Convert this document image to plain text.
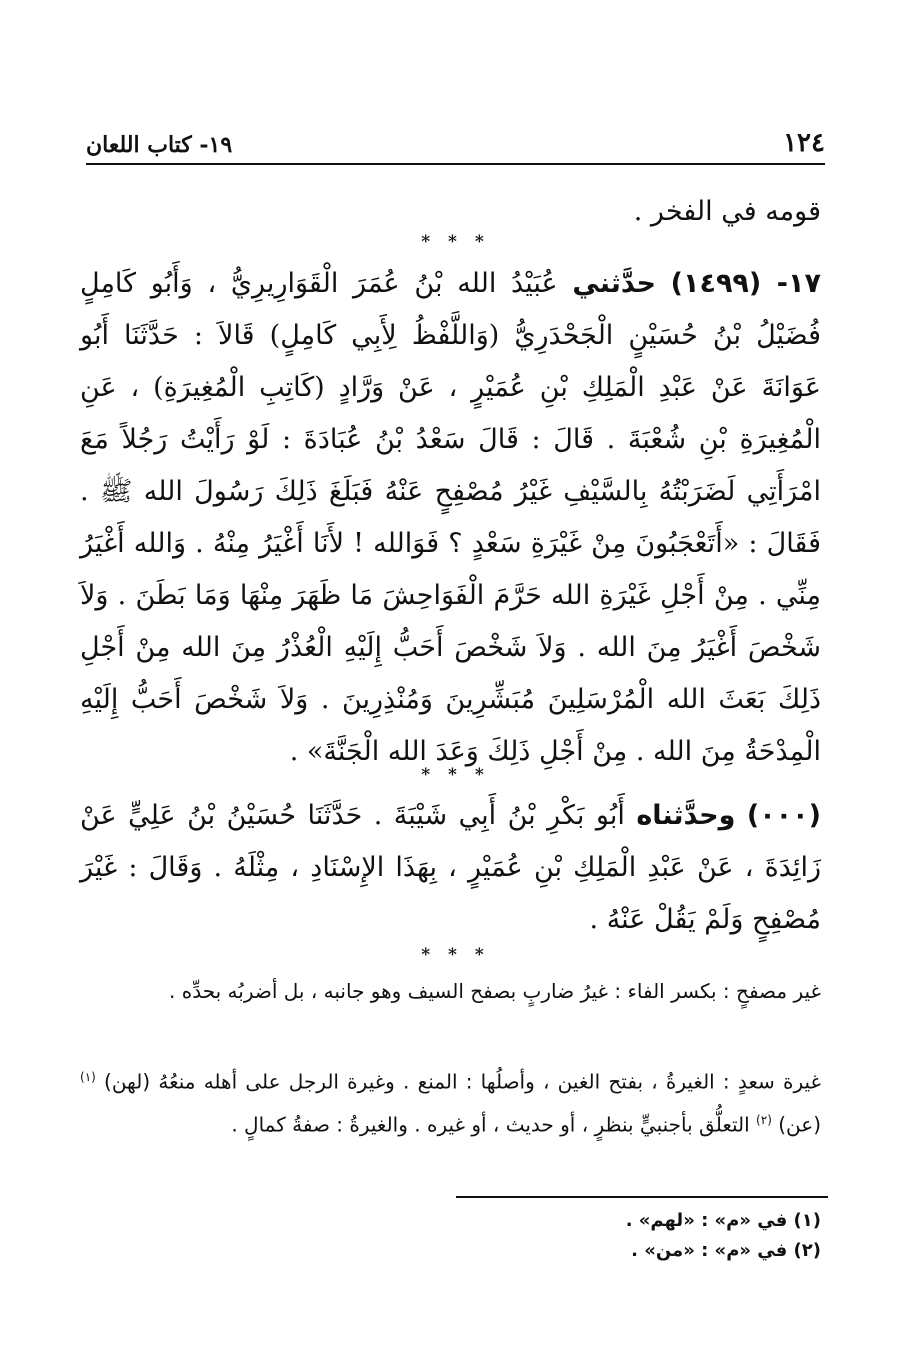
١٢٤
١٩- كتاب اللعان

قومه في الفخر .

* * *

١٧- (١٤٩٩) حدَّثني عُبَيْدُ الله بْنُ عُمَرَ الْقَوَارِيرِيُّ ، وَأَبُو كَامِلٍ فُضَيْلُ بْنُ حُسَيْنٍ الْجَحْدَرِيُّ (وَاللَّفْظُ لِأَبِي كَامِلٍ) قَالاَ : حَدَّثَنَا أَبُو عَوَانَةَ عَنْ عَبْدِ الْمَلِكِ بْنِ عُمَيْرٍ ، عَنْ وَرَّادٍ (كَاتِبِ الْمُغِيرَةِ) ، عَنِ الْمُغِيرَةِ بْنِ شُعْبَةَ . قَالَ : قَالَ سَعْدُ بْنُ عُبَادَةَ : لَوْ رَأَيْتُ رَجُلاً مَعَ امْرَأَتِي لَضَرَبْتُهُ بِالسَّيْفِ غَيْرُ مُصْفِحٍ عَنْهُ فَبَلَغَ ذَلِكَ رَسُولَ الله ﷺ . فَقَالَ : «أَتَعْجَبُونَ مِنْ غَيْرَةِ سَعْدٍ ؟ فَوَالله ! لأَنَا أَغْيَرُ مِنْهُ . وَالله أَغْيَرُ مِنِّي . مِنْ أَجْلِ غَيْرَةِ الله حَرَّمَ الْفَوَاحِشَ مَا ظَهَرَ مِنْهَا وَمَا بَطَنَ . وَلاَ شَخْصَ أَغْيَرُ مِنَ الله . وَلاَ شَخْصَ أَحَبُّ إِلَيْهِ الْعُذْرُ مِنَ الله مِنْ أَجْلِ ذَلِكَ بَعَثَ الله الْمُرْسَلِينَ مُبَشِّرِينَ وَمُنْذِرِينَ . وَلاَ شَخْصَ أَحَبُّ إِلَيْهِ الْمِدْحَةُ مِنَ الله . مِنْ أَجْلِ ذَلِكَ وَعَدَ الله الْجَنَّةَ» .

* * *

(٠٠٠) وحدَّثناه أَبُو بَكْرِ بْنُ أَبِي شَيْبَةَ . حَدَّثَنَا حُسَيْنُ بْنُ عَلِيٍّ عَنْ زَائِدَةَ ، عَنْ عَبْدِ الْمَلِكِ بْنِ عُمَيْرٍ ، بِهَذَا الإِسْنَادِ ، مِثْلَهُ . وَقَالَ : غَيْرَ مُصْفِحٍ وَلَمْ يَقُلْ عَنْهُ .

* * *

غير مصفحٍ : بكسر الفاء : غيرُ ضاربٍ بصفح السيف وهو جانبه ، بل أضربُه بحدِّه .

غيرة سعدٍ : الغيرةُ ، بفتح الغين ، وأصلُها : المنع . وغيرة الرجل على أهله منعُهُ (لهن) $^{(١)}$ (عن) $^{(٢)}$ التعلُّق بأجنبيٍّ بنظرٍ ، أو حديث ، أو غيره . والغيرةُ : صفةُ كمالٍ .

(١) في «م» : «لهم» .
(٢) في «م» : «من» .
